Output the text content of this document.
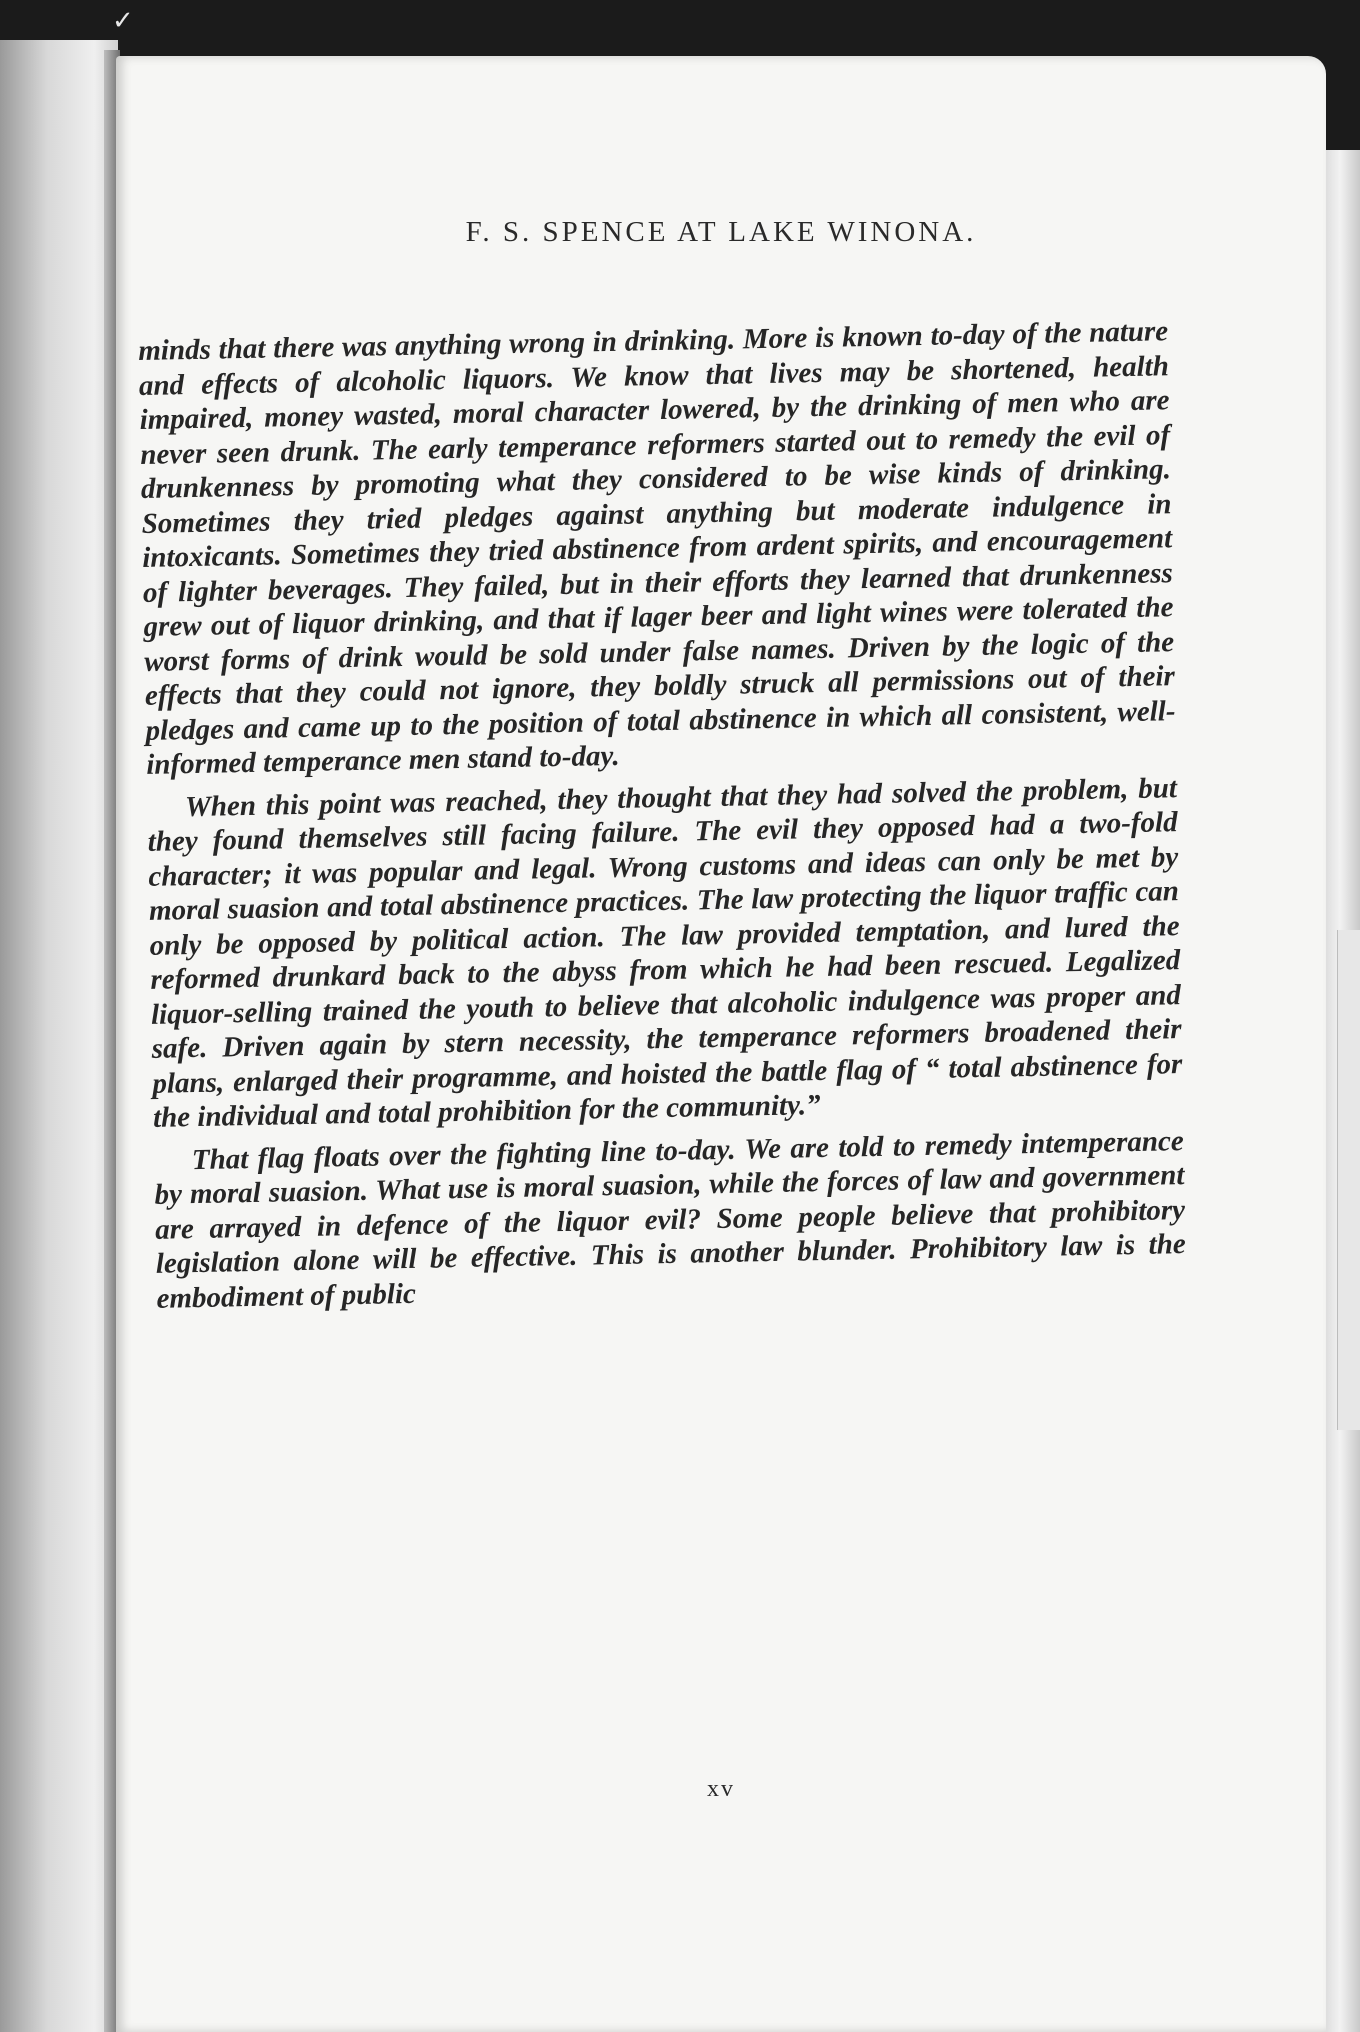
✓
F. S. SPENCE AT LAKE WINONA.

minds that there was anything wrong in drinking. More is known to-day of the nature and effects of alcoholic liquors. We know that lives may be shortened, health impaired, money wasted, moral character lowered, by the drinking of men who are never seen drunk. The early temperance reformers started out to remedy the evil of drunkenness by promoting what they considered to be wise kinds of drinking. Sometimes they tried pledges against anything but moderate indulgence in intoxicants. Sometimes they tried abstinence from ardent spirits, and encouragement of lighter beverages. They failed, but in their efforts they learned that drunkenness grew out of liquor drinking, and that if lager beer and light wines were tolerated the worst forms of drink would be sold under false names. Driven by the logic of the effects that they could not ignore, they boldly struck all permissions out of their pledges and came up to the position of total abstinence in which all consistent, well-informed temperance men stand to-day.

When this point was reached, they thought that they had solved the problem, but they found themselves still facing failure. The evil they opposed had a two-fold character; it was popular and legal. Wrong customs and ideas can only be met by moral suasion and total abstinence practices. The law protecting the liquor traffic can only be opposed by political action. The law provided temptation, and lured the reformed drunkard back to the abyss from which he had been rescued. Legalized liquor-selling trained the youth to believe that alcoholic indulgence was proper and safe. Driven again by stern necessity, the temperance reformers broadened their plans, enlarged their programme, and hoisted the battle flag of “ total abstinence for the individual and total prohibition for the community.”

That flag floats over the fighting line to-day. We are told to remedy intemperance by moral suasion. What use is moral suasion, while the forces of law and government are arrayed in defence of the liquor evil? Some people believe that prohibitory legislation alone will be effective. This is another blunder. Prohibitory law is the embodiment of public

xv
